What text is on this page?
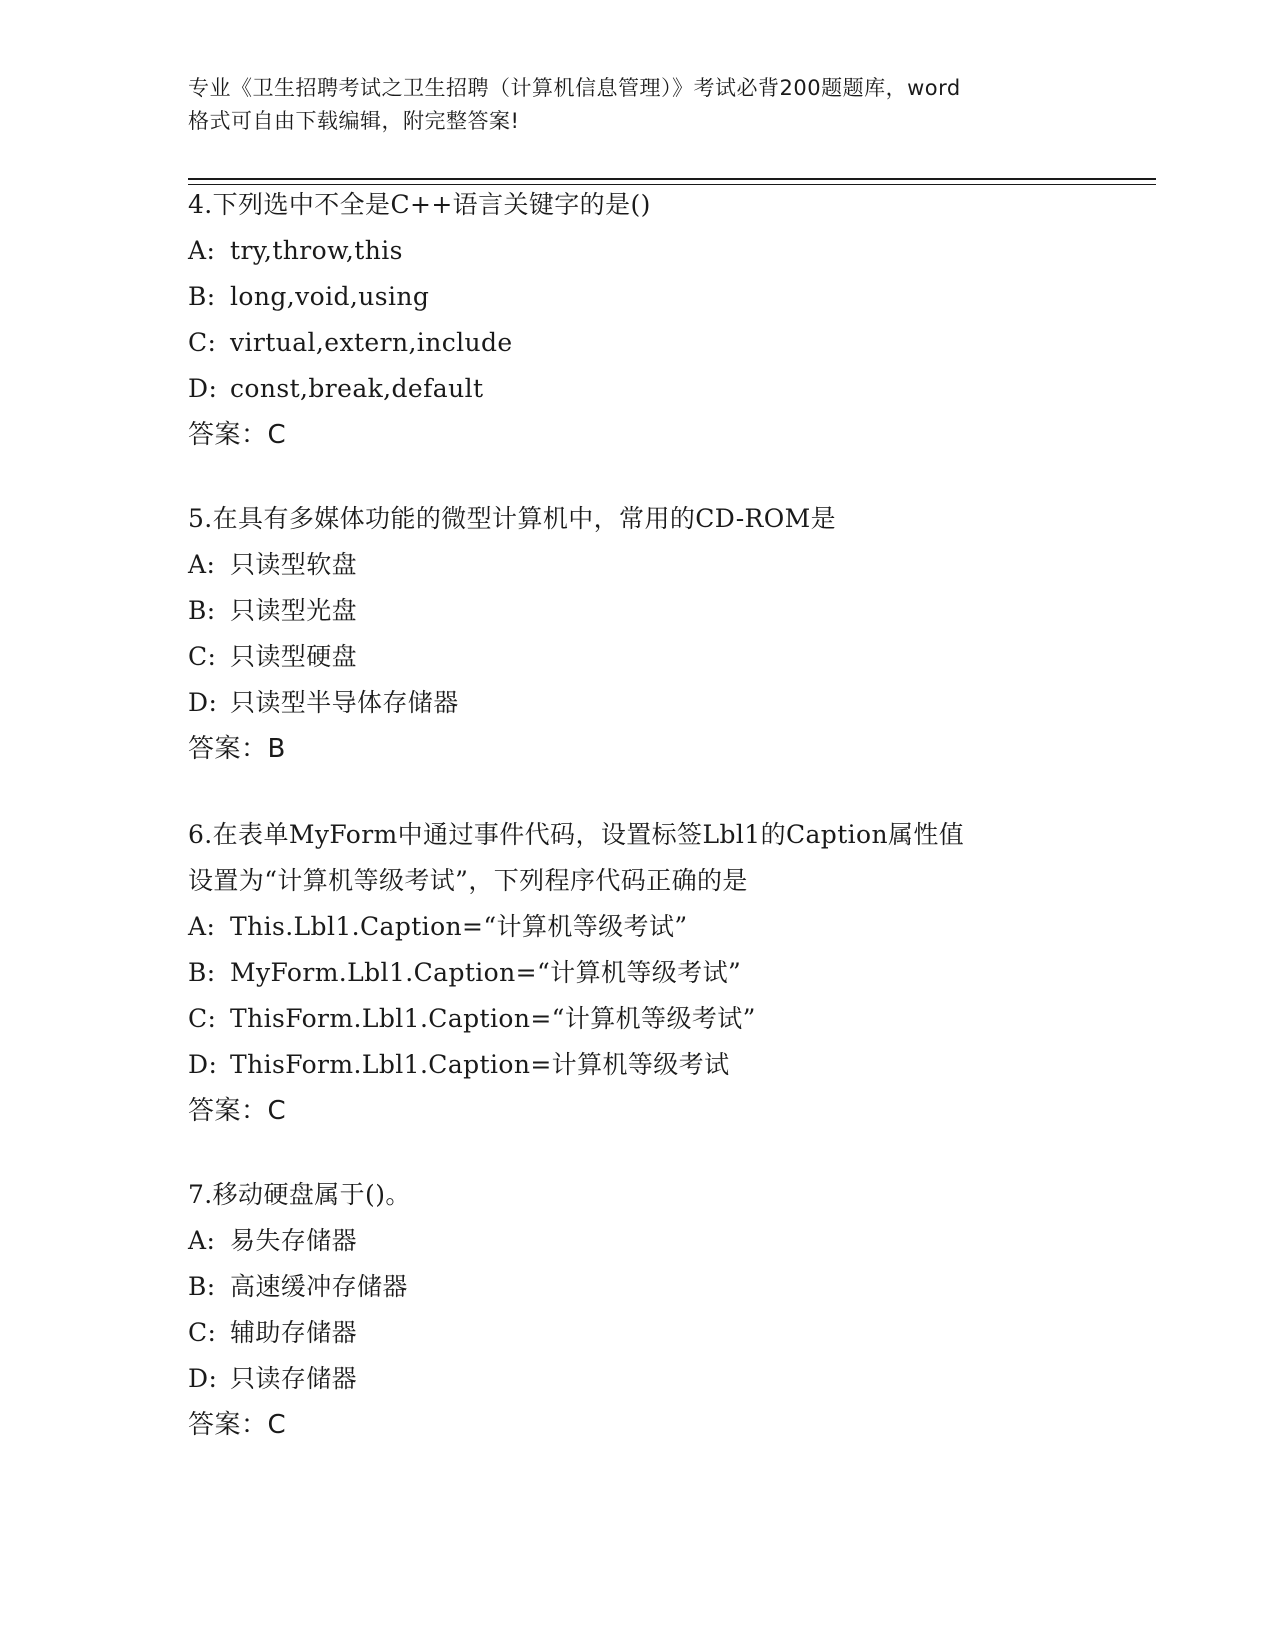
专业《卫生招聘考试之卫生招聘（计算机信息管理）》考试必背200题题库，word
格式可自由下载编辑，附完整答案!
4.下列选中不全是C++语言关键字的是()
A: try,throw,this
B: long,void,using
C: virtual,extern,include
D: const,break,default
答案：C
5.在具有多媒体功能的微型计算机中，常用的CD-ROM是
A: 只读型软盘
B: 只读型光盘
C: 只读型硬盘
D: 只读型半导体存储器
答案：B
6.在表单MyForm中通过事件代码，设置标签Lbl1的Caption属性值
设置为“计算机等级考试”，下列程序代码正确的是
A: This.Lbl1.Caption=“计算机等级考试”
B: MyForm.Lbl1.Caption=“计算机等级考试”
C: ThisForm.Lbl1.Caption=“计算机等级考试”
D: ThisForm.Lbl1.Caption=计算机等级考试
答案：C
7.移动硬盘属于()。
A: 易失存储器
B: 高速缓冲存储器
C: 辅助存储器
D: 只读存储器
答案：C
